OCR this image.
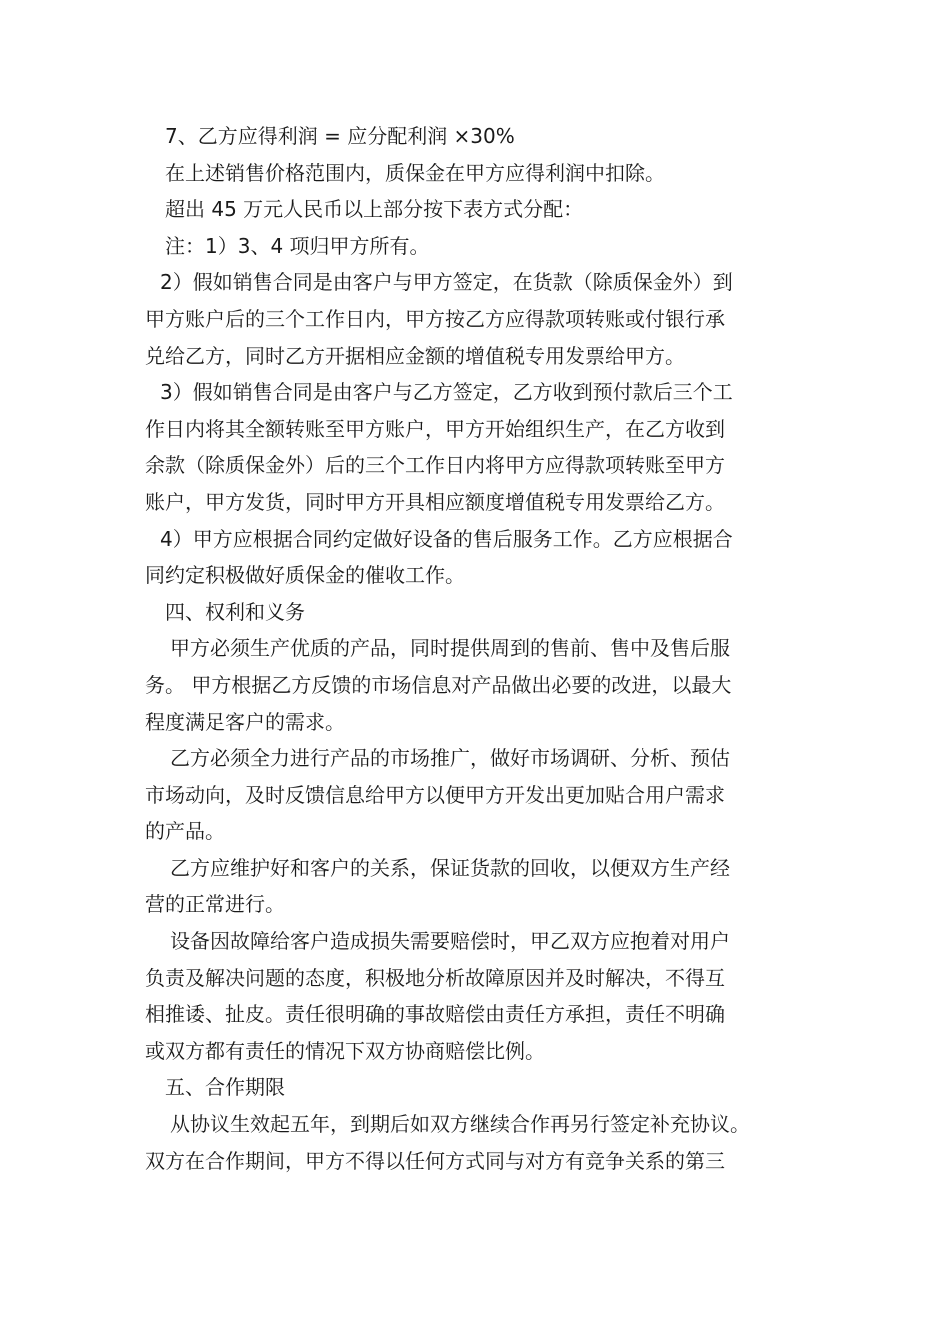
7、乙方应得利润 = 应分配利润 ×30%

在上述销售价格范围内，质保金在甲方应得利润中扣除。

超出 45 万元人民币以上部分按下表方式分配：

注：1）3、4 项归甲方所有。

2）假如销售合同是由客户与甲方签定，在货款（除质保金外）到

甲方账户后的三个工作日内，甲方按乙方应得款项转账或付银行承

兑给乙方，同时乙方开据相应金额的增值税专用发票给甲方。

3）假如销售合同是由客户与乙方签定，乙方收到预付款后三个工

作日内将其全额转账至甲方账户，甲方开始组织生产，在乙方收到

余款（除质保金外）后的三个工作日内将甲方应得款项转账至甲方

账户，甲方发货，同时甲方开具相应额度增值税专用发票给乙方。

4）甲方应根据合同约定做好设备的售后服务工作。乙方应根据合

同约定积极做好质保金的催收工作。

四、权利和义务

甲方必须生产优质的产品，同时提供周到的售前、售中及售后服

务。 甲方根据乙方反馈的市场信息对产品做出必要的改进，以最大

程度满足客户的需求。

乙方必须全力进行产品的市场推广，做好市场调研、分析、预估

市场动向，及时反馈信息给甲方以便甲方开发出更加贴合用户需求

的产品。

乙方应维护好和客户的关系，保证货款的回收，以便双方生产经

营的正常进行。

设备因故障给客户造成损失需要赔偿时，甲乙双方应抱着对用户

负责及解决问题的态度，积极地分析故障原因并及时解决，不得互

相推诿、扯皮。责任很明确的事故赔偿由责任方承担，责任不明确

或双方都有责任的情况下双方协商赔偿比例。

五、合作期限

从协议生效起五年，到期后如双方继续合作再另行签定补充协议。

双方在合作期间，甲方不得以任何方式同与对方有竞争关系的第三
